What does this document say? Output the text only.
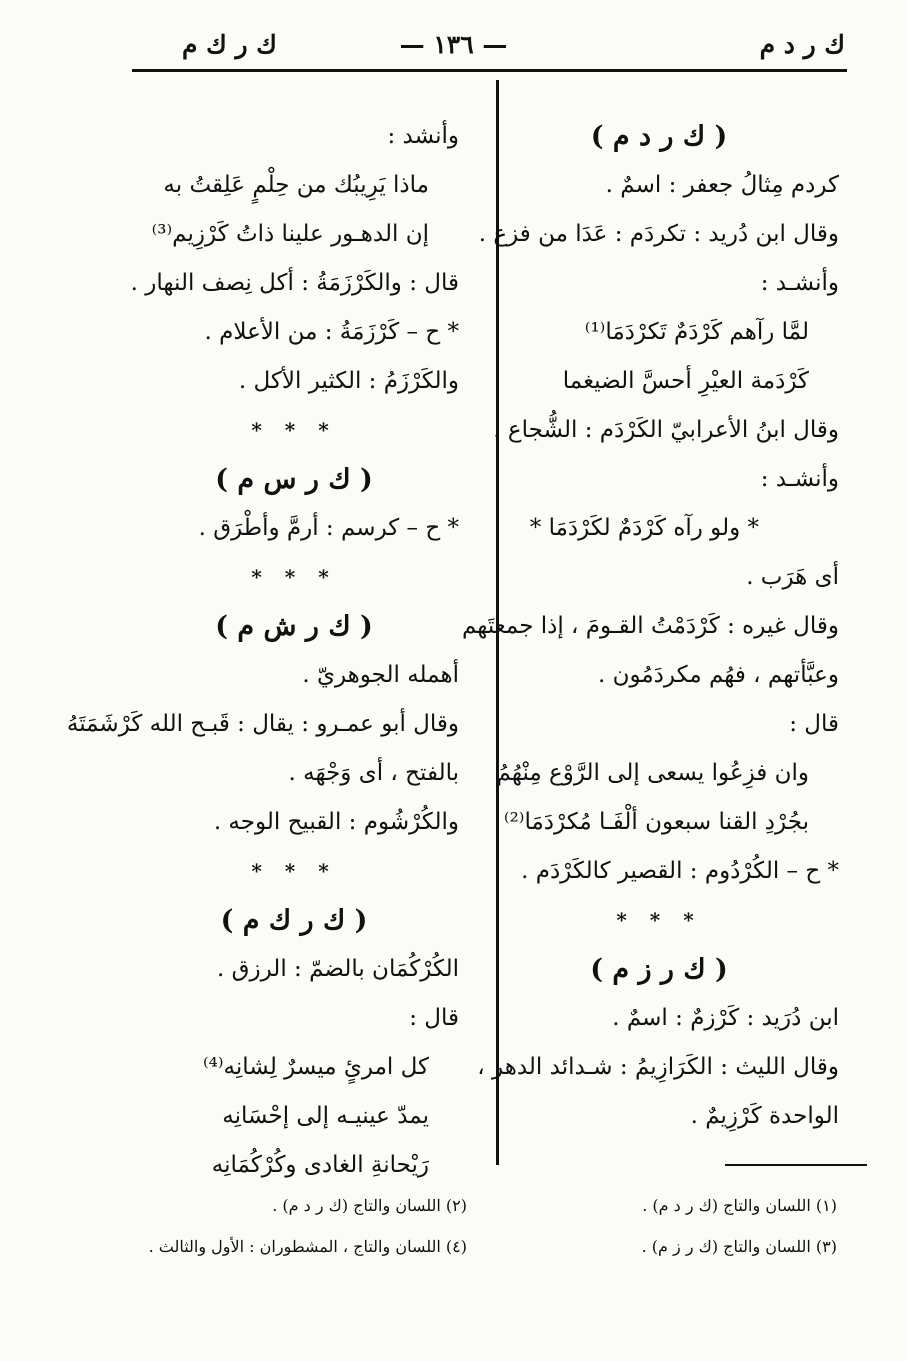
ك ر د م
— ١٣٦ —
ك ر ك م
( ك ر د م )
كردم مِثالُ جعفر : اسمٌ .
وقال ابن دُريد : تكردَم : عَدَا من فزع .
وأنشـد :
لمَّا رآهم كَرْدَمٌ تَكرْدَمَا⁽¹⁾
كَرْدَمة العيْرِ أحسَّ الضيغما
وقال ابنُ الأعرابيّ الكَرْدَم : الشُّجاع .
وأنشـد :
* ولو رآه كَرْدَمٌ لكَرْدَمَا *
أى هَرَب .
وقال غيره : كَرْدَمْتُ القـومَ ، إذا جمعتَهم
وعبَّأتهم ، فهُم مكردَمُون .
قال :
وان فزِعُوا يسعى إلى الرَّوْع مِنْهُمُ
بجُرْدِ القنا سبعون ألْفَـا مُكرْدَمَا⁽²⁾
* ح – الكُرْدُوم : القصير كالكَرْدَم .
* * *
( ك ر ز م )
ابن دُرَيد : كَرْزمٌ : اسمٌ .
وقال الليث : الكَرَازِيمُ : شـدائد الدهر ،
الواحدة كَرْزِيمٌ .
وأنشد :
ماذا يَرِيبُك من حِلْمٍ عَلِقتُ به
إن الدهـور علينا ذاتُ كَرْزِيم⁽³⁾
قال : والكَرْزَمَةُ : أكل نِصف النهار .
* ح – كَرْزَمَةُ : من الأعلام .
والكَرْزَمُ : الكثير الأكل .
* * *
( ك ر س م )
* ح – كرسم : أرمَّ وأطْرَق .
* * *
( ك ر ش م )
أهمله الجوهريّ .
وقال أبو عمـرو : يقال : قَبـح الله كَرْشَمَتَهُ
بالفتح ، أى وَجْهَه .
والكُرْشُوم : القبيح الوجه .
* * *
( ك ر ك م )
الكُرْكُمَان بالضمّ : الرزق .
قال :
كل امرئٍ ميسرٌ لِشانِه⁽⁴⁾
يمدّ عينيـه إلى إحْسَانِه
رَيْحانةِ الغادى وكُرْكُمَانِه
(١) اللسان والتاج (ك ر د م) .
(٢) اللسان والتاج (ك ر د م) .
(٣) اللسان والتاج (ك ر ز م) .
(٤) اللسان والتاج ، المشطوران : الأول والثالث .
